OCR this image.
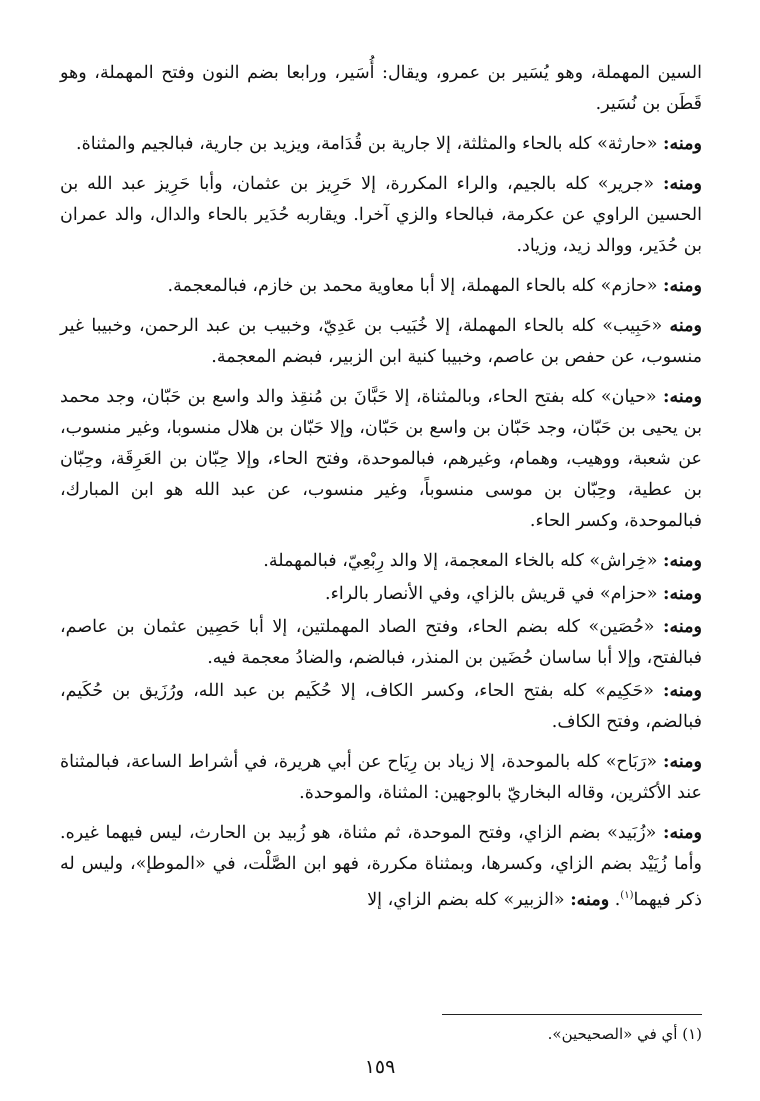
السين المهملة، وهو يُسَير بن عمرو، ويقال: أُسَير، ورابعا بضم النون وفتح المهملة، وهو قَطَن بن نُسَير.

ومنه: «حارثة» كله بالحاء والمثلثة، إلا جارية بن قُدَامة، ويزيد بن جارية، فبالجيم والمثناة.

ومنه: «جرير» كله بالجيم، والراء المكررة، إلا حَرِيز بن عثمان، وأبا حَرِيز عبد الله بن الحسين الراوي عن عكرمة، فبالحاء والزي آخرا. ويقاربه حُدَير بالحاء والدال، والد عمران بن حُدَير، ووالد زيد، وزياد.

ومنه: «حازم» كله بالحاء المهملة، إلا أبا معاوية محمد بن خازم، فبالمعجمة.

ومنه «حَبِيب» كله بالحاء المهملة، إلا خُبَيب بن عَدِيّ، وخبيب بن عبد الرحمن، وخبيبا غير منسوب، عن حفص بن عاصم، وخبيبا كنية ابن الزبير، فبضم المعجمة.

ومنه: «حيان» كله بفتح الحاء، وبالمثناة، إلا حَبَّانَ بن مُنقِذ والد واسع بن حَبّان، وجد محمد بن يحيى بن حَبّان، وجد حَبّان بن واسع بن حَبّان، وإلا حَبّان بن هلال منسوبا، وغير منسوب، عن شعبة، ووهيب، وهمام، وغيرهم، فبالموحدة، وفتح الحاء، وإلا حِبّان بن العَرِقَة، وحِبّان بن عطية، وحِبّان بن موسى منسوباً، وغير منسوب، عن عبد الله هو ابن المبارك، فبالموحدة، وكسر الحاء.

ومنه: «خِراش» كله بالخاء المعجمة، إلا والد رِبْعِيّ، فبالمهملة.

ومنه: «حزام» في قريش بالزاي، وفي الأنصار بالراء.

ومنه: «حُصَين» كله بضم الحاء، وفتح الصاد المهملتين، إلا أبا حَصِين عثمان بن عاصم، فبالفتح، وإلا أبا ساسان حُضَين بن المنذر، فبالضم، والضادُ معجمة فيه.

ومنه: «حَكِيم» كله بفتح الحاء، وكسر الكاف، إلا حُكَيم بن عبد الله، ورُزَيق بن حُكَيم، فبالضم، وفتح الكاف.

ومنه: «رَبَاح» كله بالموحدة، إلا زياد بن رِيَاح عن أبي هريرة، في أشراط الساعة، فبالمثناة عند الأكثرين، وقاله البخاريّ بالوجهين: المثناة، والموحدة.

ومنه: «زُبَيد» بضم الزاي، وفتح الموحدة، ثم مثناة، هو زُبيد بن الحارث، ليس فيهما غيره. وأما زُيَيْد بضم الزاي، وكسرها، وبمثناة مكررة، فهو ابن الصَّلْت، في «الموطإ»، وليس له ذكر فيهما$^{(١)}$. ومنه: «الزبير» كله بضم الزاي، إلا

(١) أي في «الصحيحين».
١٥٩
